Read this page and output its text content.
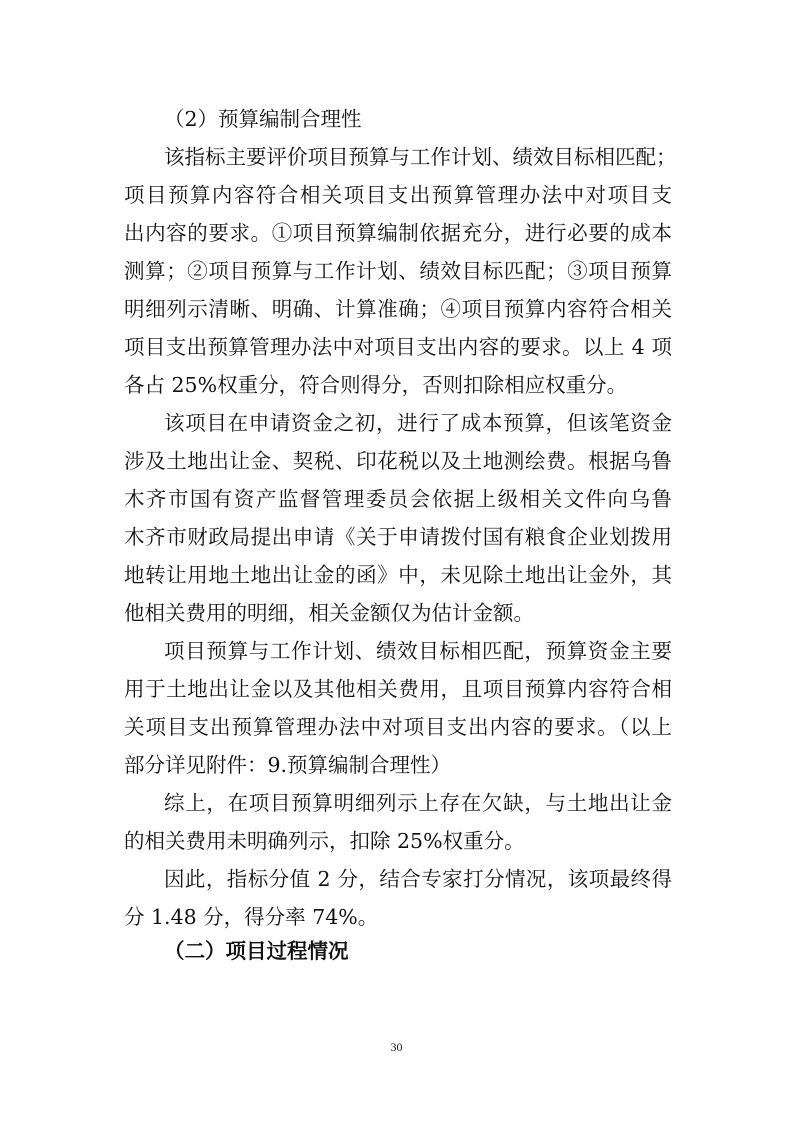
（2）预算编制合理性
该指标主要评价项目预算与工作计划、绩效目标相匹配；
项目预算内容符合相关项目支出预算管理办法中对项目支
出内容的要求。①项目预算编制依据充分，进行必要的成本
测算；②项目预算与工作计划、绩效目标匹配；③项目预算
明细列示清晰、明确、计算准确；④项目预算内容符合相关
项目支出预算管理办法中对项目支出内容的要求。以上 4 项
各占 25%权重分，符合则得分，否则扣除相应权重分。
该项目在申请资金之初，进行了成本预算，但该笔资金
涉及土地出让金、契税、印花税以及土地测绘费。根据乌鲁
木齐市国有资产监督管理委员会依据上级相关文件向乌鲁
木齐市财政局提出申请《关于申请拨付国有粮食企业划拨用
地转让用地土地出让金的函》中，未见除土地出让金外，其
他相关费用的明细，相关金额仅为估计金额。
项目预算与工作计划、绩效目标相匹配，预算资金主要
用于土地出让金以及其他相关费用，且项目预算内容符合相
关项目支出预算管理办法中对项目支出内容的要求。（以上
部分详见附件：9.预算编制合理性）
综上，在项目预算明细列示上存在欠缺，与土地出让金
的相关费用未明确列示，扣除 25%权重分。
因此，指标分值 2 分，结合专家打分情况，该项最终得
分 1.48 分，得分率 74%。
（二）项目过程情况
30
